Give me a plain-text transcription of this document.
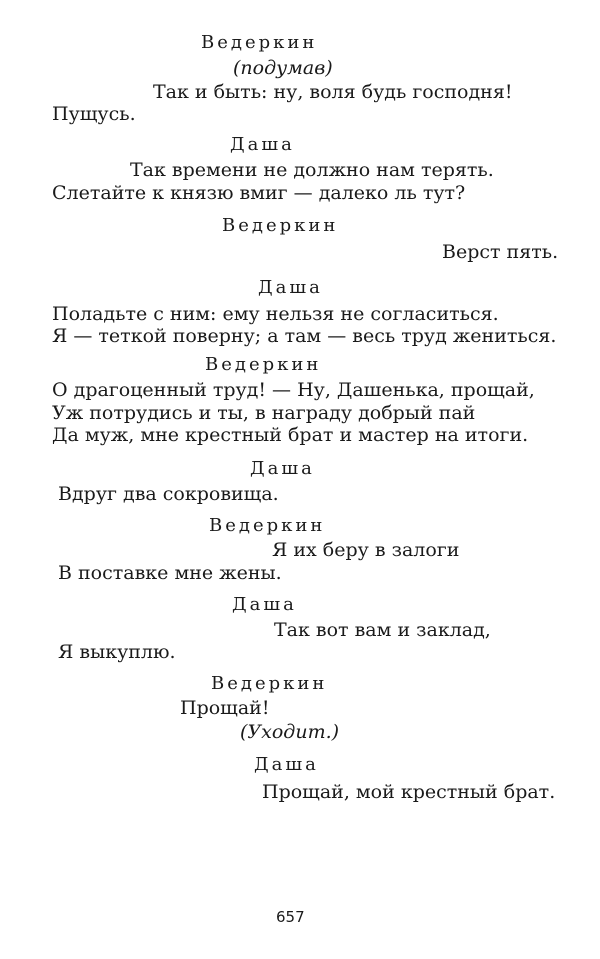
Ведеркин
(подумав)
Так и быть: ну, воля будь господня!
Пущусь.
Даша
Так времени не должно нам терять.
Слетайте к князю вмиг — далеко ль тут?
Ведеркин
Верст пять.
Даша
Поладьте с ним: ему нельзя не согласиться.
Я — теткой поверну; а там — весь труд жениться.
Ведеркин
О драгоценный труд! — Ну, Дашенька, прощай,
Уж потрудись и ты, в награду добрый пай
Да муж, мне крестный брат и мастер на итоги.
Даша
Вдруг два сокровища.
Ведеркин
Я их беру в залоги
В поставке мне жены.
Даша
Так вот вам и заклад,
Я выкуплю.
Ведеркин
Прощай!
(Уходит.)
Даша
Прощай, мой крестный брат.
657
